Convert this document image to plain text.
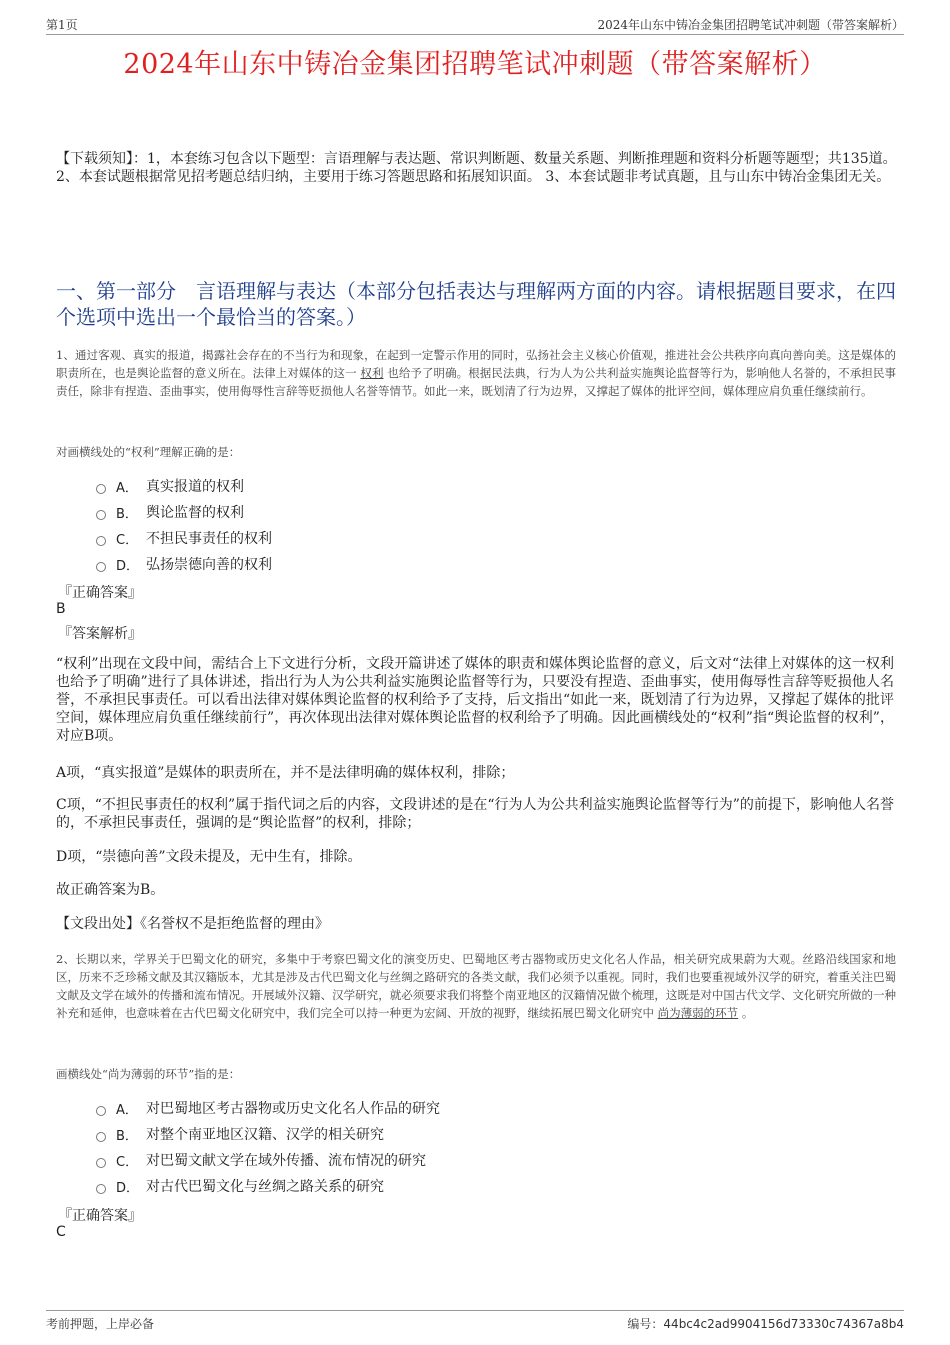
第1页	2024年山东中铸冶金集团招聘笔试冲刺题（带答案解析）
2024年山东中铸冶金集团招聘笔试冲刺题（带答案解析）
【下载须知】：1，本套练习包含以下题型：言语理解与表达题、常识判断题、数量关系题、判断推理题和资料分析题等题型；共135道。 2、本套试题根据常见招考题总结归纳，主要用于练习答题思路和拓展知识面。 3、本套试题非考试真题，且与山东中铸冶金集团无关。
一、第一部分　言语理解与表达（本部分包括表达与理解两方面的内容。请根据题目要求，在四个选项中选出一个最恰当的答案。）
1、通过客观、真实的报道，揭露社会存在的不当行为和现象，在起到一定警示作用的同时，弘扬社会主义核心价值观，推进社会公共秩序向真向善向美。这是媒体的职责所在，也是舆论监督的意义所在。法律上对媒体的这一 权利 也给予了明确。根据民法典，行为人为公共利益实施舆论监督等行为，影响他人名誉的，不承担民事责任，除非有捏造、歪曲事实，使用侮辱性言辞等贬损他人名誉等情节。如此一来，既划清了行为边界，又撑起了媒体的批评空间，媒体理应肩负重任继续前行。
对画横线处的“权利”理解正确的是：
A． 真实报道的权利
B． 舆论监督的权利
C． 不担民事责任的权利
D． 弘扬崇德向善的权利
『正确答案』
B
『答案解析』
“权利”出现在文段中间，需结合上下文进行分析，文段开篇讲述了媒体的职责和媒体舆论监督的意义，后文对“法律上对媒体的这一权利也给予了明确”进行了具体讲述，指出行为人为公共利益实施舆论监督等行为，只要没有捏造、歪曲事实，使用侮辱性言辞等贬损他人名誉，不承担民事责任。可以看出法律对媒体舆论监督的权利给予了支持，后文指出“如此一来，既划清了行为边界，又撑起了媒体的批评空间，媒体理应肩负重任继续前行”，再次体现出法律对媒体舆论监督的权利给予了明确。因此画横线处的“权利”指“舆论监督的权利”，对应B项。
A项，“真实报道”是媒体的职责所在，并不是法律明确的媒体权利，排除；
C项，“不担民事责任的权利”属于指代词之后的内容，文段讲述的是在“行为人为公共利益实施舆论监督等行为”的前提下，影响他人名誉的，不承担民事责任，强调的是“舆论监督”的权利，排除；
D项，“崇德向善”文段未提及，无中生有，排除。
故正确答案为B。
【文段出处】《名誉权不是拒绝监督的理由》
2、长期以来，学界关于巴蜀文化的研究，多集中于考察巴蜀文化的演变历史、巴蜀地区考古器物或历史文化名人作品，相关研究成果蔚为大观。丝路沿线国家和地区，历来不乏珍稀文献及其汉籍版本，尤其是涉及古代巴蜀文化与丝绸之路研究的各类文献，我们必须予以重视。同时，我们也要重视域外汉学的研究，着重关注巴蜀文献及文学在域外的传播和流布情况。开展域外汉籍、汉学研究，就必须要求我们将整个南亚地区的汉籍情况做个梳理，这既是对中国古代文学、文化研究所做的一种补充和延伸，也意味着在古代巴蜀文化研究中，我们完全可以持一种更为宏阔、开放的视野，继续拓展巴蜀文化研究中 尚为薄弱的环节 。
画横线处“尚为薄弱的环节”指的是：
A． 对巴蜀地区考古器物或历史文化名人作品的研究
B． 对整个南亚地区汉籍、汉学的相关研究
C． 对巴蜀文献文学在域外传播、流布情况的研究
D． 对古代巴蜀文化与丝绸之路关系的研究
『正确答案』
C
考前押题，上岸必备	编号：44bc4c2ad9904156d73330c74367a8b4
